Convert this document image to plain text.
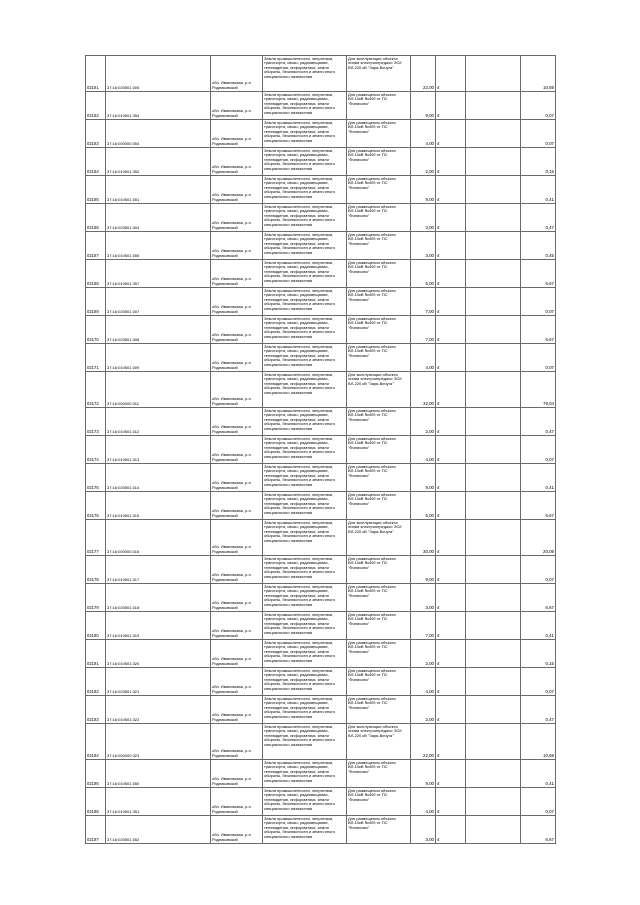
02161	37:16:020501:305	обл. Ивановская, р-н Родниковский	Земли промышленности, энергетики, транспорта, связи, радиовещания, телевидения, информатики, земли обороны, безопасности и земли иного специального назначения	Для эксплуатации объекта линии электропередачи ЭСК ВЛ-220 кВ "Заря-Вичуга"	22,00	4		10,69
02162	37:16:010501:354	обл. Ивановская, р-н Родниковский	Земли промышленности, энергетики, транспорта, связи, радиовещания, телевидения, информатики, земли обороны, безопасности и земли иного специального назначения	Для размещения объекта ВЛ-10кВ №409 от ПС "Филисово"	9,00	4		0,07
02163	37:16:000000:354	обл. Ивановская, р-н Родниковский	Земли промышленности, энергетики, транспорта, связи, радиовещания, телевидения, информатики, земли обороны, безопасности и земли иного специального назначения	Для размещения объекта ВЛ-10кВ №409 от ПС "Филисово"	4,00	4		0,07
02164	37:16:010501:352	обл. Ивановская, р-н Родниковский	Земли промышленности, энергетики, транспорта, связи, радиовещания, телевидения, информатики, земли обороны, безопасности и земли иного специального назначения	Для размещения объекта ВЛ-10кВ №409 от ПС "Филисово"	2,00	4		0,15
02165	37:16:010501:351	обл. Ивановская, р-н Родниковский	Земли промышленности, энергетики, транспорта, связи, радиовещания, телевидения, информатики, земли обороны, безопасности и земли иного специального назначения	Для размещения объекта ВЛ-10кВ №409 от ПС "Филисово"	9,00	4		0,41
02166	37:16:020501:304	обл. Ивановская, р-н Родниковский	Земли промышленности, энергетики, транспорта, связи, радиовещания, телевидения, информатики, земли обороны, безопасности и земли иного специального назначения	Для размещения объекта ВЛ-10кВ №409 от ПС "Филисово"	3,00	4		0,47
02167	37:16:010501:355	обл. Ивановская, р-н Родниковский	Земли промышленности, энергетики, транспорта, связи, радиовещания, телевидения, информатики, земли обороны, безопасности и земли иного специального назначения	Для размещения объекта ВЛ-10кВ №409 от ПС "Филисово"	3,00	4		0,45
02168	37:16:010501:357	обл. Ивановская, р-н Родниковский	Земли промышленности, энергетики, транспорта, связи, радиовещания, телевидения, информатики, земли обороны, безопасности и земли иного специального назначения	Для размещения объекта ВЛ-10кВ №409 от ПС "Филисово"	5,00	4		6,67
02169	37:16:020501:307	обл. Ивановская, р-н Родниковский	Земли промышленности, энергетики, транспорта, связи, радиовещания, телевидения, информатики, земли обороны, безопасности и земли иного специального назначения	Для размещения объекта ВЛ-10кВ №409 от ПС "Филисово"	7,00	4		0,07
02170	37:16:020501:308	обл. Ивановская, р-н Родниковский	Земли промышленности, энергетики, транспорта, связи, радиовещания, телевидения, информатики, земли обороны, безопасности и земли иного специального назначения	Для размещения объекта ВЛ-10кВ №409 от ПС "Филисово"	7,00	4		6,67
02171	37:16:010501:309	обл. Ивановская, р-н Родниковский	Земли промышленности, энергетики, транспорта, связи, радиовещания, телевидения, информатики, земли обороны, безопасности и земли иного специального назначения	Для размещения объекта ВЛ-10кВ №409 от ПС "Филисово"	4,00	4		0,07
02172	37:16:000000:311	обл. Ивановская, р-н Родниковский	Земли промышленности, энергетики, транспорта, связи, радиовещания, телевидения, информатики, земли обороны, безопасности и земли иного специального назначения	Для эксплуатации объекта линии электропередачи ЭСК ВЛ-220 кВ "Заря-Вичуга"	32,00	4		79,04
02173	37:16:010501:312	обл. Ивановская, р-н Родниковский	Земли промышленности, энергетики, транспорта, связи, радиовещания, телевидения, информатики, земли обороны, безопасности и земли иного специального назначения	Для размещения объекта ВЛ-10кВ №409 от ПС "Филисово"	2,00	4		0,47
02174	37:16:010501:313	обл. Ивановская, р-н Родниковский	Земли промышленности, энергетики, транспорта, связи, радиовещания, телевидения, информатики, земли обороны, безопасности и земли иного специального назначения	Для размещения объекта ВЛ-10кВ №409 от ПС "Филисово"	4,00	4		0,07
02175	37:16:020501:314	обл. Ивановская, р-н Родниковский	Земли промышленности, энергетики, транспорта, связи, радиовещания, телевидения, информатики, земли обороны, безопасности и земли иного специального назначения	Для размещения объекта ВЛ-10кВ №409 от ПС "Филисово"	9,00	4		0,41
02176	37:16:010501:315	обл. Ивановская, р-н Родниковский	Земли промышленности, энергетики, транспорта, связи, радиовещания, телевидения, информатики, земли обороны, безопасности и земли иного специального назначения	Для размещения объекта ВЛ-10кВ №409 от ПС "Филисово"	5,00	4		6,67
02177	37:16:000000:316	обл. Ивановская, р-н Родниковский	Земли промышленности, энергетики, транспорта, связи, радиовещания, телевидения, информатики, земли обороны, безопасности и земли иного специального назначения	Для эксплуатации объекта линии электропередачи ЭСК ВЛ-220 кВ "Заря-Вичуга"	30,00	4		20,09
02178	37:16:010501:317	обл. Ивановская, р-н Родниковский	Земли промышленности, энергетики, транспорта, связи, радиовещания, телевидения, информатики, земли обороны, безопасности и земли иного специального назначения	Для размещения объекта ВЛ-10кВ №409 от ПС "Филисово"	9,00	4		0,07
02179	37:16:020501:318	обл. Ивановская, р-н Родниковский	Земли промышленности, энергетики, транспорта, связи, радиовещания, телевидения, информатики, земли обороны, безопасности и земли иного специального назначения	Для размещения объекта ВЛ-10кВ №409 от ПС "Филисово"	3,00	4		6,67
02180	37:16:010501:319	обл. Ивановская, р-н Родниковский	Земли промышленности, энергетики, транспорта, связи, радиовещания, телевидения, информатики, земли обороны, безопасности и земли иного специального назначения	Для размещения объекта ВЛ-10кВ №409 от ПС "Филисово"	7,00	4		0,41
02181	37:16:010501:320	обл. Ивановская, р-н Родниковский	Земли промышленности, энергетики, транспорта, связи, радиовещания, телевидения, информатики, земли обороны, безопасности и земли иного специального назначения	Для размещения объекта ВЛ-10кВ №409 от ПС "Филисово"	2,00	4		0,15
02182	37:16:020501:321	обл. Ивановская, р-н Родниковский	Земли промышленности, энергетики, транспорта, связи, радиовещания, телевидения, информатики, земли обороны, безопасности и земли иного специального назначения	Для размещения объекта ВЛ-10кВ №409 от ПС "Филисово"	4,00	4		0,07
02183	37:16:010501:322	обл. Ивановская, р-н Родниковский	Земли промышленности, энергетики, транспорта, связи, радиовещания, телевидения, информатики, земли обороны, безопасности и земли иного специального назначения	Для размещения объекта ВЛ-10кВ №409 от ПС "Филисово"	2,00	4		0,47
02184	37:16:000000:323	обл. Ивановская, р-н Родниковский	Земли промышленности, энергетики, транспорта, связи, радиовещания, телевидения, информатики, земли обороны, безопасности и земли иного специального назначения	Для эксплуатации объекта линии электропередачи ЭСК ВЛ-220 кВ "Заря-Вичуга"	22,00	4		10,69
02185	37:16:010501:350	обл. Ивановская, р-н Родниковский	Земли промышленности, энергетики, транспорта, связи, радиовещания, телевидения, информатики, земли обороны, безопасности и земли иного специального назначения	Для размещения объекта ВЛ-10кВ №409 от ПС "Филисово"	9,00	4		0,41
02186	37:16:010501:351	обл. Ивановская, р-н Родниковский	Земли промышленности, энергетики, транспорта, связи, радиовещания, телевидения, информатики, земли обороны, безопасности и земли иного специального назначения	Для размещения объекта ВЛ-10кВ №409 от ПС "Филисово"	4,00	4		0,07
02187	37:16:020501:352	обл. Ивановская, р-н Родниковский	Земли промышленности, энергетики, транспорта, связи, радиовещания, телевидения, информатики, земли обороны, безопасности и земли иного специального назначения	Для размещения объекта ВЛ-10кВ №409 от ПС "Филисово"	3,00	4		6,67
